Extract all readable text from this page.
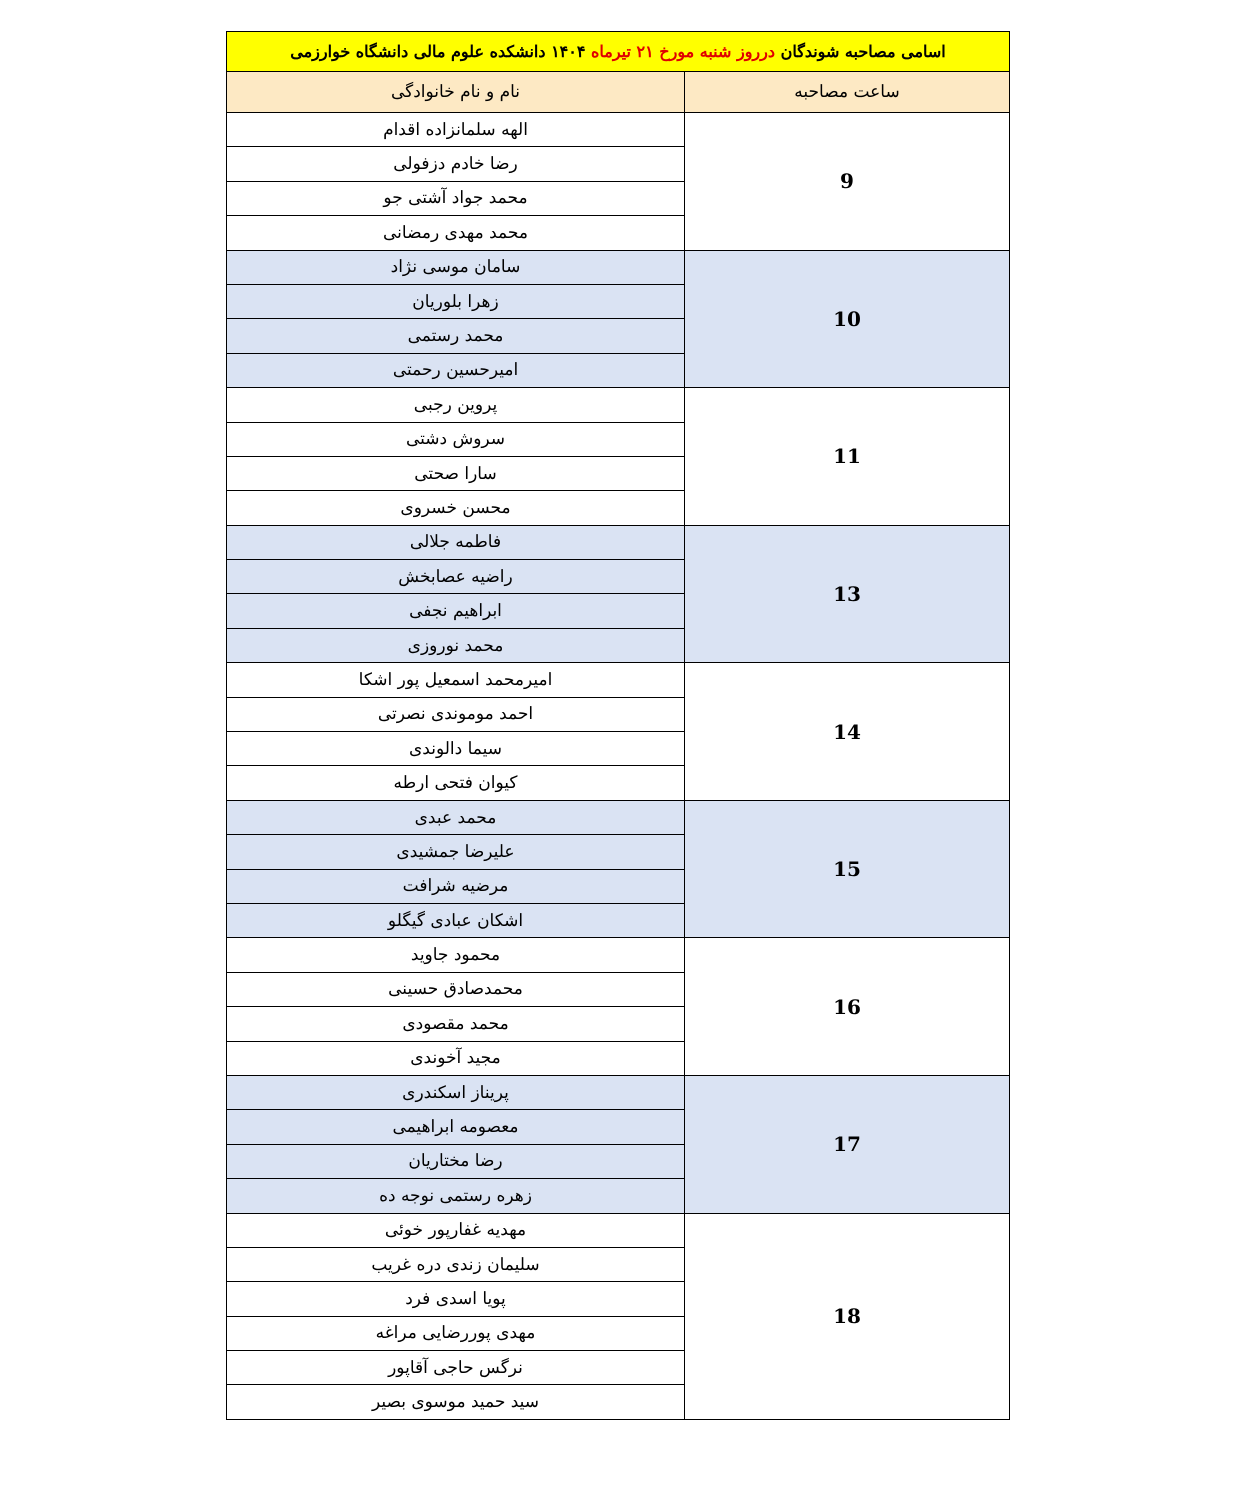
اسامی مصاحبه شوندگان درروز شنبه مورخ ۲۱ تیرماه ۱۴۰۴ دانشکده علوم مالی دانشگاه خوارزمی	
ساعت مصاحبه	نام و نام خانوادگی
9	الهه سلمانزاده اقدام
	رضا خادم دزفولی
	محمد جواد آشتی جو
	محمد مهدی رمضانی
10	سامان موسی نژاد
	زهرا بلوریان
	محمد رستمی
	امیرحسین رحمتی
11	پروین رجبی
	سروش دشتی
	سارا صحتی
	محسن خسروی
13	فاطمه جلالی
	راضیه عصابخش
	ابراهیم نجفی
	محمد نوروزی
14	امیرمحمد اسمعیل پور اشکا
	احمد موموندی نصرتی
	سیما دالوندی
	کیوان فتحی ارطه
15	محمد عبدی
	علیرضا جمشیدی
	مرضیه شرافت
	اشکان عبادی گیگلو
16	محمود جاوید
	محمدصادق حسینی
	محمد مقصودی
	مجید آخوندی
17	پریناز اسکندری
	معصومه ابراهیمی
	رضا مختاریان
	زهره رستمی نوجه ده
18	مهدیه غفارپور خوئی
	سلیمان زندی دره غریب
	پویا اسدی فرد
	مهدی پوررضایی مراغه
	نرگس حاجی آقاپور
	سید حمید موسوی بصیر
